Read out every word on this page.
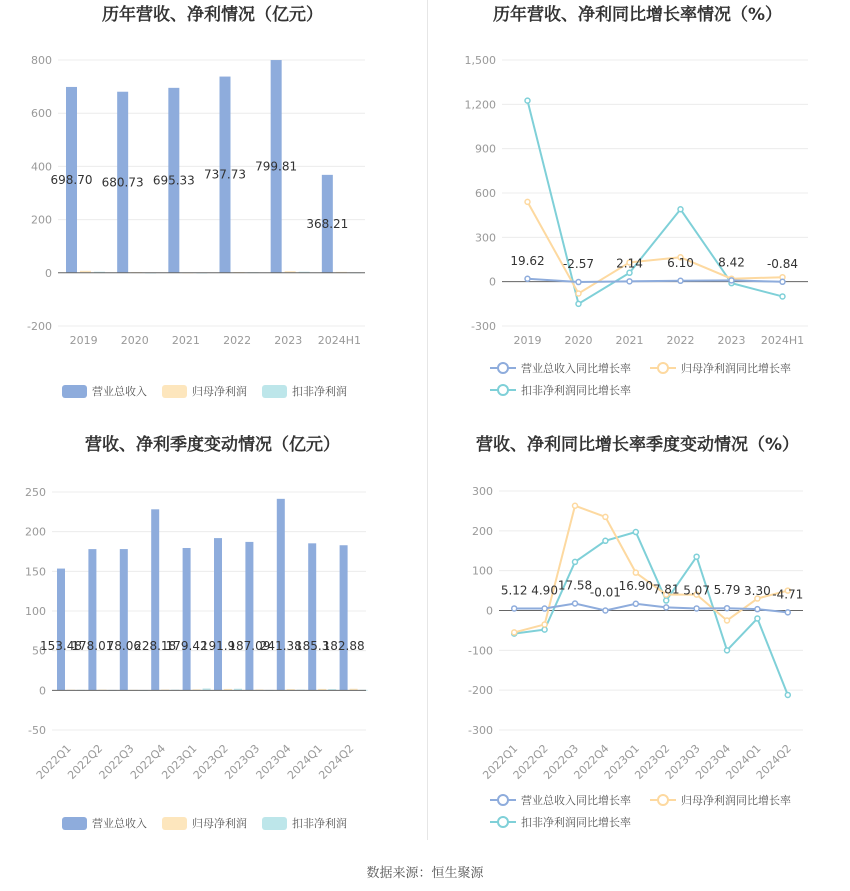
历年营收、净利情况（亿元）
-200
0
200
400
600
800
2019 2020 2021 2022 2023 2024H1
698.70 680.73 695.33 737.73
799.81
368.21
营业总收入	归母净利润	扣非净利润
历年营收、净利同比增长率情况（%）
-300
0
300
600
900
1,200
1,500
2019 2020 2021 2022 2023 2024H1
19.62 -2.57 2.14 6.10 8.42 -0.84
营业总收入同比增长率	归母净利润同比增长率
扣非净利润同比增长率
营收、净利季度变动情况（亿元）
-50
0
50
100
150
200
250
2022Q1
2022Q2
2022Q3
2022Q4
2023Q1
2023Q2
2023Q3
2023Q4
2024Q1
2024Q2
153.48
178.01
78.06
228.18
179.42
191.9
187.09
241.38
185.3
182.88
营业总收入	归母净利润	扣非净利润
营收、净利同比增长率季度变动情况（%）
-300
-200
-100
0
100
200
300
2022Q1
2022Q2
2022Q3
2022Q4
2023Q1
2023Q2
2023Q3
2023Q4
2024Q1
2024Q2
5.12 4.90 17.58
-0.01
16.90 7.81 5.07 5.79 3.30 -4.71
营业总收入同比增长率	归母净利润同比增长率
扣非净利润同比增长率
数据来源：恒生聚源
